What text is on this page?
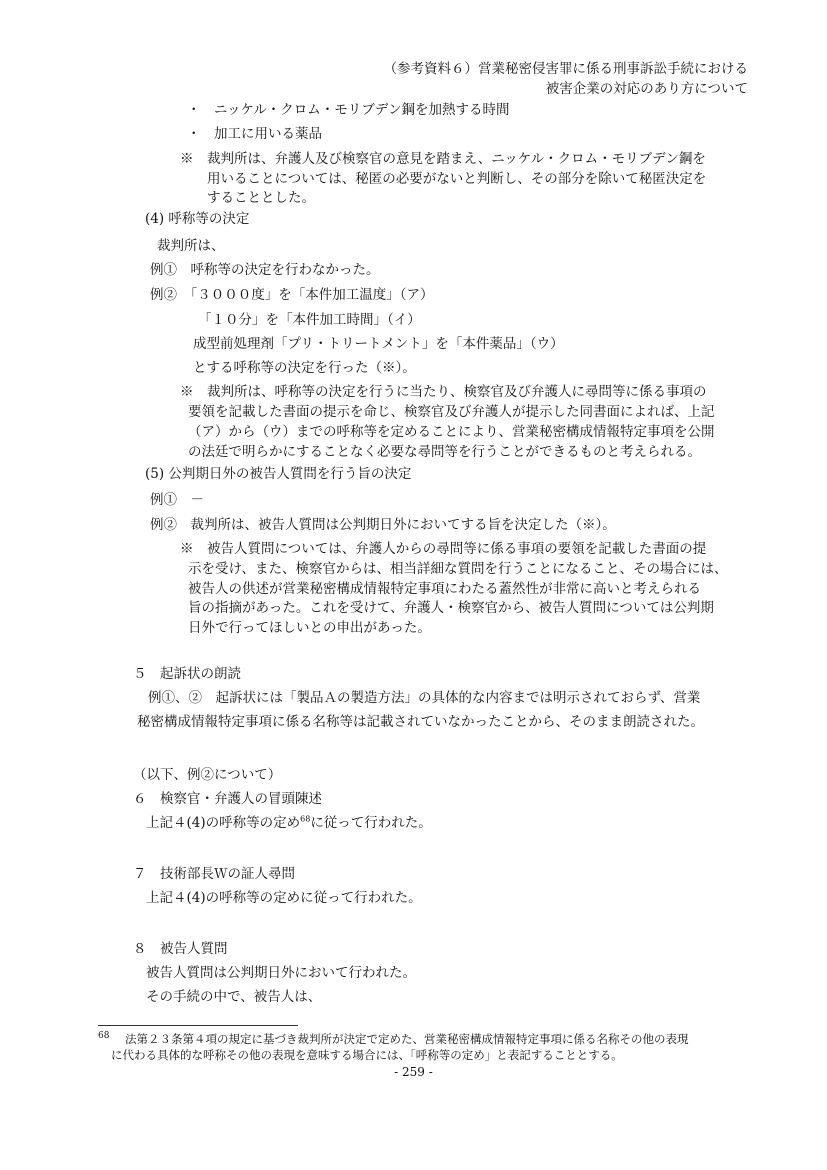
（参考資料６）営業秘密侵害罪に係る刑事訴訟手続における
被害企業の対応のあり方について
・　ニッケル・クロム・モリブデン鋼を加熱する時間
・　加工に用いる薬品
※　裁判所は、弁護人及び検察官の意見を踏まえ、ニッケル・クロム・モリブデン鋼を
用いることについては、秘匿の必要がないと判断し、その部分を除いて秘匿決定を
することとした。
(4) 呼称等の決定
裁判所は、
例①　呼称等の決定を行わなかった。
例②　「３０００度」を「本件加工温度」（ア）
「１０分」を「本件加工時間」（イ）
成型前処理剤「プリ・トリートメント」を「本件薬品」（ウ）
とする呼称等の決定を行った（※）。
※　裁判所は、呼称等の決定を行うに当たり、検察官及び弁護人に尋問等に係る事項の
要領を記載した書面の提示を命じ、検察官及び弁護人が提示した同書面によれば、上記
（ア）から（ウ）までの呼称等を定めることにより、営業秘密構成情報特定事項を公開
の法廷で明らかにすることなく必要な尋問等を行うことができるものと考えられる。
(5) 公判期日外の被告人質問を行う旨の決定
例①　－
例②　裁判所は、被告人質問は公判期日外においてする旨を決定した（※）。
※　被告人質問については、弁護人からの尋問等に係る事項の要領を記載した書面の提
示を受け、また、検察官からは、相当詳細な質問を行うことになること、その場合には、
被告人の供述が営業秘密構成情報特定事項にわたる蓋然性が非常に高いと考えられる
旨の指摘があった。これを受けて、弁護人・検察官から、被告人質問については公判期
日外で行ってほしいとの申出があった。
５　起訴状の朗読
例①、②　起訴状には「製品Ａの製造方法」の具体的な内容までは明示されておらず、営業
秘密構成情報特定事項に係る名称等は記載されていなかったことから、そのまま朗読された。
（以下、例②について）
６　検察官・弁護人の冒頭陳述
上記４(4)の呼称等の定め$^{68}$に従って行われた。
７　技術部長Ｗの証人尋問
上記４(4)の呼称等の定めに従って行われた。
８　被告人質問
被告人質問は公判期日外において行われた。
その手続の中で、被告人は、
68 法第２３条第４項の規定に基づき裁判所が決定で定めた、営業秘密構成情報特定事項に係る名称その他の表現
に代わる具体的な呼称その他の表現を意味する場合には、「呼称等の定め」と表記することとする。
- 259 -
